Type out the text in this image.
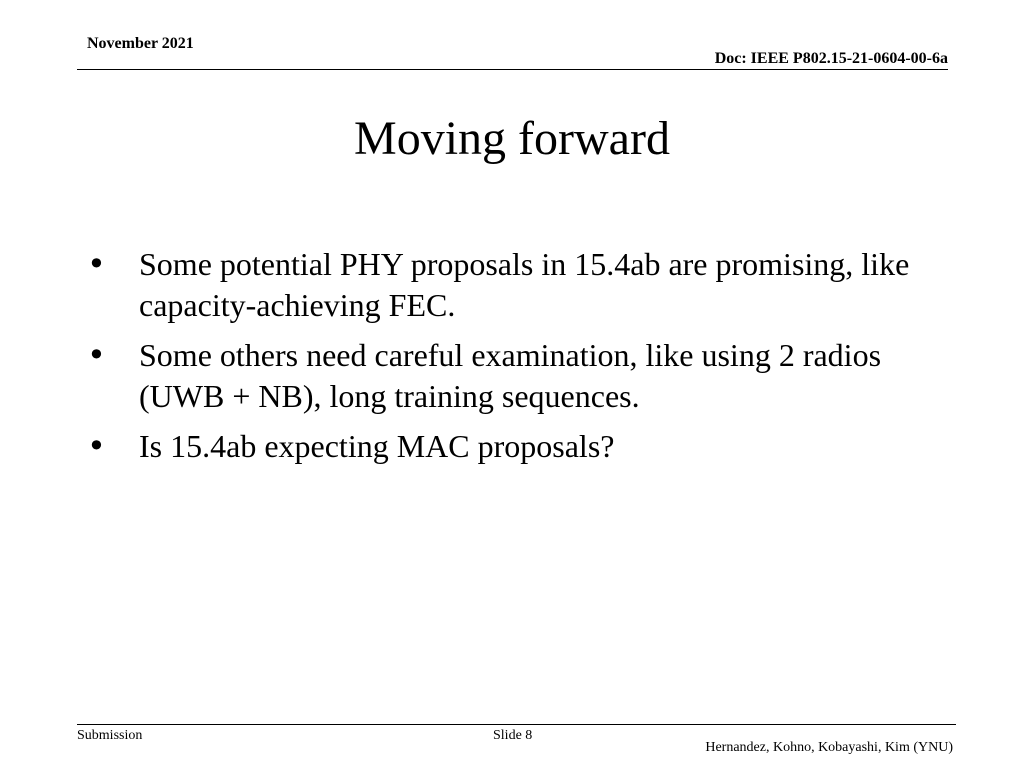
November 2021
Doc: IEEE P802.15-21-0604-00-6a
Moving forward
• Some potential PHY proposals in 15.4ab are promising, like capacity-achieving FEC.
• Some others need careful examination, like using 2 radios (UWB + NB), long training sequences.
• Is 15.4ab expecting MAC proposals?
Submission	Slide 8
Hernandez, Kohno, Kobayashi, Kim (YNU)
